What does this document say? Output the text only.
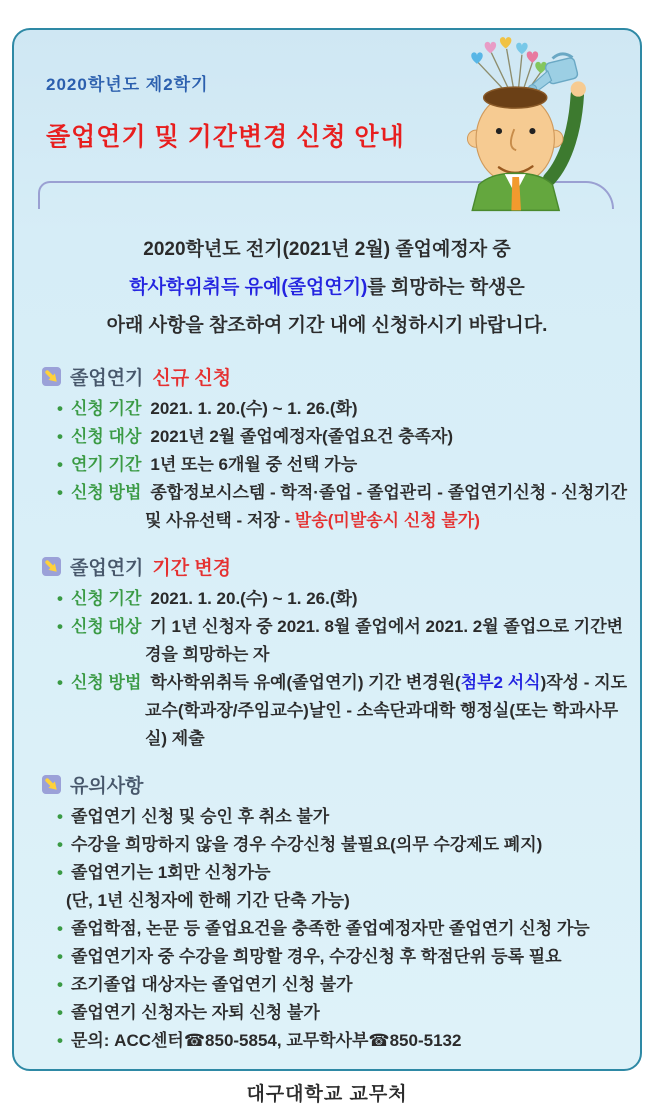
2020학년도 제2학기
졸업연기 및 기간변경 신청 안내
2020학년도 전기(2021년 2월) 졸업예정자 중
학사학위취득 유예(졸업연기)를 희망하는 학생은
아래 사항을 참조하여 기간 내에 신청하시기 바랍니다.
졸업연기 신규 신청
• 신청 기간 2021. 1. 20.(수) ~ 1. 26.(화)
• 신청 대상 2021년 2월 졸업예정자(졸업요건 충족자)
• 연기 기간 1년 또는 6개월 중 선택 가능
• 신청 방법 종합정보시스템 - 학적·졸업 - 졸업관리 - 졸업연기신청 - 신청기간 및 사유선택 - 저장 - 발송(미발송시 신청 불가)
졸업연기 기간 변경
• 신청 기간 2021. 1. 20.(수) ~ 1. 26.(화)
• 신청 대상 기 1년 신청자 중 2021. 8월 졸업에서 2021. 2월 졸업으로 기간변경을 희망하는 자
• 신청 방법 학사학위취득 유예(졸업연기) 기간 변경원(첨부2 서식)작성 - 지도교수(학과장/주임교수)날인 - 소속단과대학 행정실(또는 학과사무실) 제출
유의사항
• 졸업연기 신청 및 승인 후 취소 불가
• 수강을 희망하지 않을 경우 수강신청 불필요(의무 수강제도 폐지)
• 졸업연기는 1회만 신청가능
(단, 1년 신청자에 한해 기간 단축 가능)
• 졸업학점, 논문 등 졸업요건을 충족한 졸업예정자만 졸업연기 신청 가능
• 졸업연기자 중 수강을 희망할 경우, 수강신청 후 학점단위 등록 필요
• 조기졸업 대상자는 졸업연기 신청 불가
• 졸업연기 신청자는 자퇴 신청 불가
• 문의: ACC센터☎850-5854, 교무학사부☎850-5132
대구대학교 교무처
